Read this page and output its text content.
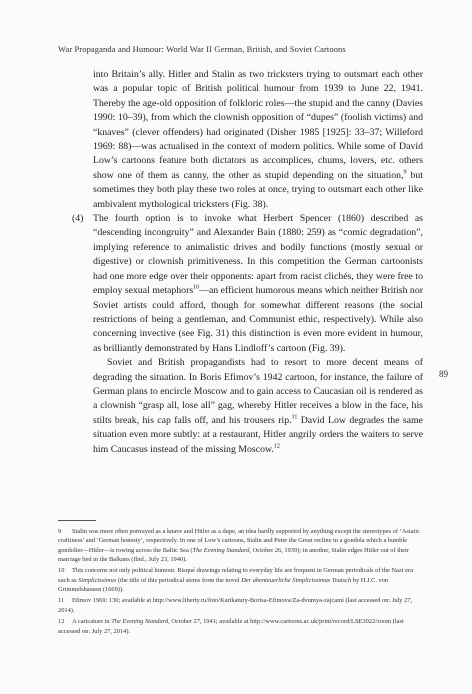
War Propaganda and Humour: World War II German, British, and Soviet Cartoons

into Britain’s ally. Hitler and Stalin as two tricksters trying to outsmart each other was a popular topic of British political humour from 1939 to June 22, 1941. Thereby the age-old opposition of folkloric roles—the stupid and the canny (Davies 1990: 10–39), from which the clownish opposition of “dupes” (foolish victims) and “knaves” (clever offenders) had originated (Disher 1985 [1925]: 33–37; Willeford 1969: 88)—was actualised in the context of modern politics. While some of David Low’s cartoons feature both dictators as accomplices, chums, lovers, etc. others show one of them as canny, the other as stupid depending on the situation,$^9$ but sometimes they both play these two roles at once, trying to outsmart each other like ambivalent mythological tricksters (Fig. 38).

(4) The fourth option is to invoke what Herbert Spencer (1860) described as “descending incongruity” and Alexander Bain (1880: 259) as “comic degradation”, implying reference to animalistic drives and bodily functions (mostly sexual or digestive) or clownish primitiveness. In this competition the German cartoonists had one more edge over their opponents: apart from racist clichés, they were free to employ sexual metaphors$^{10}$—an efficient humorous means which neither British nor Soviet artists could afford, though for somewhat different reasons (the social restrictions of being a gentleman, and Communist ethic, respectively). While also concerning invective (see Fig. 31) this distinction is even more evident in humour, as brilliantly demonstrated by Hans Lindloff’s cartoon (Fig. 39).

Soviet and British propagandists had to resort to more decent means of degrading the situation. In Boris Efimov’s 1942 cartoon, for instance, the failure of German plans to encircle Moscow and to gain access to Caucasian oil is rendered as a clownish “grasp all, lose all” gag, whereby Hitler receives a blow in the face, his stilts break, his cap falls off, and his trousers rip.$^{11}$ David Low degrades the same situation even more subtly: at a restaurant, Hitler angrily orders the waiters to serve him Caucasus instead of the missing Moscow.$^{12}$

89

9 Stalin was more often portrayed as a knave and Hitler as a dupe, an idea hardly supported by anything except the stereotypes of ‘Asiatic craftiness’ and ‘German honesty’, respectively. In one of Low’s cartoons, Stalin and Peter the Great recline in a gondola which a humble gondolier—Hitler—is rowing across the Baltic Sea (The Evening Standard, October 26, 1939); in another, Stalin edges Hitler out of their marriage bed in the Balkans (Ibid., July 23, 1940).

10 This concerns not only political humour. Risqué drawings relating to everyday life are frequent in German periodicals of the Nazi era such as Simplicissimus (the title of this periodical stems from the novel Der abenteuerliche Simplicissimus Teutsch by H.J.C. von Grimmelshausen (1669)).

11 Efimov 1969: 130; available at http://www.liberty.ru/foto/Karikatury-Borisa-Efimova/Za-dvumya-zajcami (last accessed on: July 27, 2014).

12 A caricature in The Evening Standard, October 27, 1941; available at http://www.cartoons.ac.uk/print/record/LSE3022/zoom (last accessed on: July 27, 2014).
